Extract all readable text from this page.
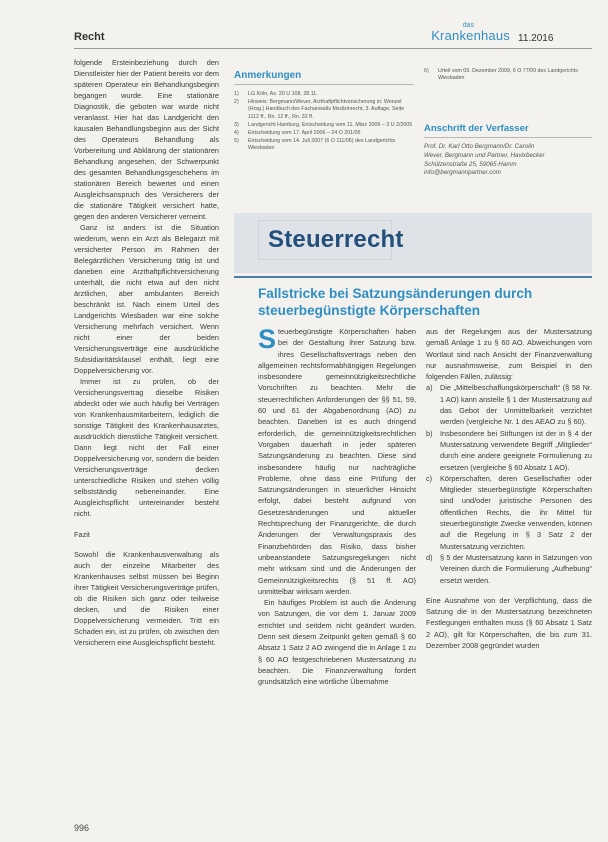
Recht
das
Krankenhaus 11.2016

folgende Ersteinbeziehung durch den Dienstleister hier der Patient bereits vor dem späteren Operateur ein Behandlungsbeginn begangen wurde. Eine stationäre Diagnostik, die geboten war wurde nicht veranlasst. Hier hat das Landgericht den kausalen Behandlungsbeginn aus der Sicht des Operateurs Behandlung als Vorbereitung und Abklärung der stationären Behandlung angesehen, der Schwerpunkt des gesamten Behandlungsgeschehens im stationären Bereich bewertet und einen Ausgleichsanspruch des Versicherers der die stationäre Tätigkeit versichert hatte, gegen den anderen Versicherer verneint.

Ganz ist anders ist die Situation wiederum, wenn ein Arzt als Belegarzt mit versicherter Person im Rahmen der Belegärztlichen Versicherung tätig ist und daneben eine Arzthaftpflichtversicherung unterhält, die nicht etwa auf den nicht ärztlichen, aber ambulanten Bereich beschränkt ist. Nach einem Urteil des Landgerichts Wiesbaden war eine solche Versicherung mehrfach versichert. Wenn nicht einer der beiden Versicherungsverträge eine ausdrückliche Subsidiaritätsklausel enthält, liegt eine Doppelversicherung vor.

Immer ist zu prüfen, ob der Versicherungsvertrag dieselbe Risiken abdeckt oder wie auch häufig bei Verträgen von Krankenhausmitarbeitern, lediglich die sonstige Tätigkeit des Krankenhausarztes, ausdrücklich dienstliche Tätigkeit versichert. Dann liegt nicht der Fall einer Doppelversicherung vor, sondern die beiden Versicherungsverträge decken unterschiedliche Risiken und stehen völlig selbstständig nebeneinander. Eine Ausgleichspflicht untereinander besteht nicht.

Fazit

Sowohl die Krankenhausverwaltung als auch der einzelne Mitarbeiter des Krankenhauses selbst müssen bei Beginn ihrer Tätigkeit Versicherungsverträge prüfen, ob die Risiken sich ganz oder teilweise decken, und die Risiken einer Doppelversicherung vermeiden. Tritt ein Schaden ein, ist zu prüfen, ob zwischen den Versicherern eine Ausgleichspflicht besteht.

Anmerkungen
1)	LG Köln, Az. 20 U 108, 28.11.
2)	Hinweis: Bergmann/Wever, Arzthaftpflichtversicherung in: Wenzel (Hrsg.) Handbuch des Fachanwalts Medizinrecht, 3. Auflage, Seite 1112 ff., Rn. 12 ff., Rn. 32 ff.
3)	Landgericht Hamburg, Entscheidung vom 11. März 2006 – 3 U 2/2005
4)	Entscheidung vom 17. April 2006 – 24 O 201/05
5)	Entscheidung vom 14. Juli 2007 (6 O 111/06) des Landgerichts Wiesbaden
6)	Urteil vom 09. Dezember 2009, 6 O 77/09 des Landgerichts Wiesbaden
Anschrift der Verfasser
Prof. Dr. Karl Otto Bergmann/Dr. Carolin
Wever, Bergmann und Partner, Havixbecker
Schützenstraße 25, 59065 Hamm
info@bergmannpartner.com
Steuerrecht
Fallstricke bei Satzungsänderungen durch steuerbegünstigte Körperschaften

Steuerbegünstigte Körperschaften haben bei der Gestaltung ihrer Satzung bzw. ihres Gesellschaftsvertrags neben den allgemeinen rechtsformabhängigen Regelungen insbesondere gemeinnützigkeitsrechtliche Vorschriften zu beachten. Mehr die steuerrechtlichen Anforderungen der §§ 51, 59, 60 und 61 der Abgabenordnung (AO) zu beachten. Daneben ist es auch dringend erforderlich, die gemeinnützigkeitsrechtlichen Vorgaben dauerhaft in jeder späteren Satzungsänderung zu beachten. Diese sind insbesondere häufig nur nachträgliche Probleme, ohne dass eine Prüfung der Satzungsänderungen in steuerlicher Hinsicht erfolgt, dabei besteht aufgrund von Gesetzesänderungen und aktueller Rechtsprechung der Finanzgerichte, die durch Änderungen der Verwaltungspraxis des Finanzbehörden das Risiko, dass bisher unbeanstandete Satzungsregelungen nicht mehr wirksam sind und die Änderungen der Gemeinnützigkeitsrechts (§ 51 ff. AO) unmittelbar wirksam werden.

Ein häufiges Problem ist auch die Änderung von Satzungen, die vor dem 1. Januar 2009 errichtet und seitdem nicht geändert wurden. Denn seit diesem Zeitpunkt gelten gemäß § 60 Absatz 1 Satz 2 AO zwingend die in Anlage 1 zu § 60 AO festgeschriebenen Mustersatzung zu beachten. Die Finanzverwaltung fordert grundsätzlich eine wörtliche Übernahme

aus der Regelungen aus der Mustersatzung gemäß Anlage 1 zu § 60 AO. Abweichungen vom Wortlaut sind nach Ansicht der Finanzverwaltung nur ausnahmsweise, zum Beispiel in den folgenden Fällen, zulässig:

a)	Die „Mittelbeschaffungskörperschaft“ (§ 58 Nr. 1 AO) kann anstelle § 1 der Mustersatzung auf das Gebot der Unmittelbarkeit verzichtet werden (vergleiche Nr. 1 des AEAO zu § 60).
b)	Insbesondere bei Stiftungen ist der in § 4 der Mustersatzung verwendete Begriff „Mitglieder“ durch eine andere geeignete Formulierung zu ersetzen (vergleiche § 60 Absatz 1 AO).
c)	Körperschaften, deren Gesellschafter oder Mitglieder steuerbegünstigte Körperschaften sind und/oder juristische Personen des öffentlichen Rechts, die ihr Mittel für steuerbegünstigte Zwecke verwenden, können auf die Regelung in § 3 Satz 2 der Mustersatzung verzichten.
d)	§ 5 der Mustersatzung kann in Satzungen von Vereinen durch die Formulierung „Aufhebung“ ersetzt werden.

Eine Ausnahme von der Verpflichtung, dass die Satzung die in der Mustersatzung bezeichneten Festlegungen enthalten muss (§ 60 Absatz 1 Satz 2 AO), gilt für Körperschaften, die bis zum 31. Dezember 2008 gegründet wurden

996
